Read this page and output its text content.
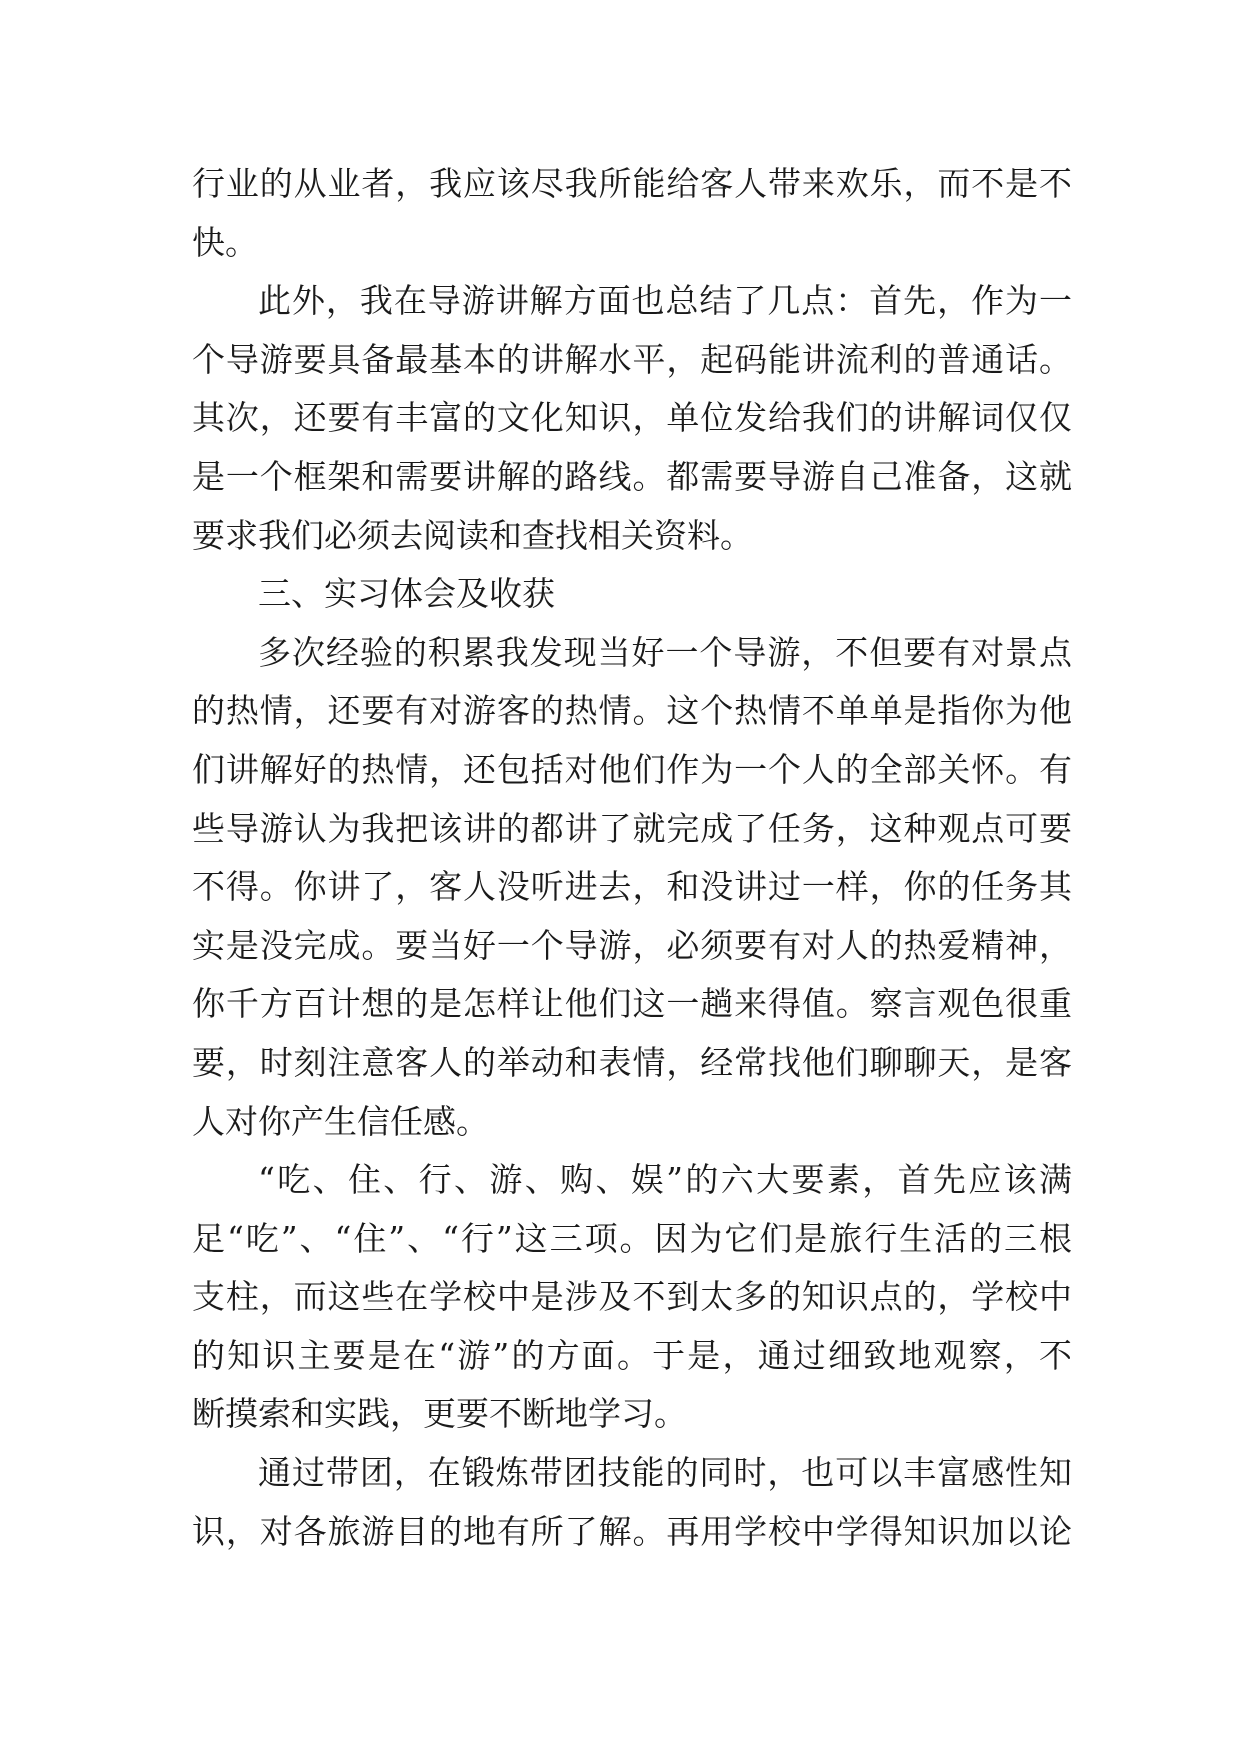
行业的从业者，我应该尽我所能给客人带来欢乐，而不是不
快。
此外，我在导游讲解方面也总结了几点：首先，作为一
个导游要具备最基本的讲解水平，起码能讲流利的普通话。
其次，还要有丰富的文化知识，单位发给我们的讲解词仅仅
是一个框架和需要讲解的路线。都需要导游自己准备，这就
要求我们必须去阅读和查找相关资料。
三、实习体会及收获
多次经验的积累我发现当好一个导游，不但要有对景点
的热情，还要有对游客的热情。这个热情不单单是指你为他
们讲解好的热情，还包括对他们作为一个人的全部关怀。有
些导游认为我把该讲的都讲了就完成了任务，这种观点可要
不得。你讲了，客人没听进去，和没讲过一样，你的任务其
实是没完成。要当好一个导游，必须要有对人的热爱精神，
你千方百计想的是怎样让他们这一趟来得值。察言观色很重
要，时刻注意客人的举动和表情，经常找他们聊聊天，是客
人对你产生信任感。
“吃、住、行、游、购、娱”的六大要素，首先应该满
足“吃”、“住”、“行”这三项。因为它们是旅行生活的三根
支柱，而这些在学校中是涉及不到太多的知识点的，学校中
的知识主要是在“游”的方面。于是，通过细致地观察，不
断摸索和实践，更要不断地学习。
通过带团，在锻炼带团技能的同时，也可以丰富感性知
识，对各旅游目的地有所了解。再用学校中学得知识加以论
